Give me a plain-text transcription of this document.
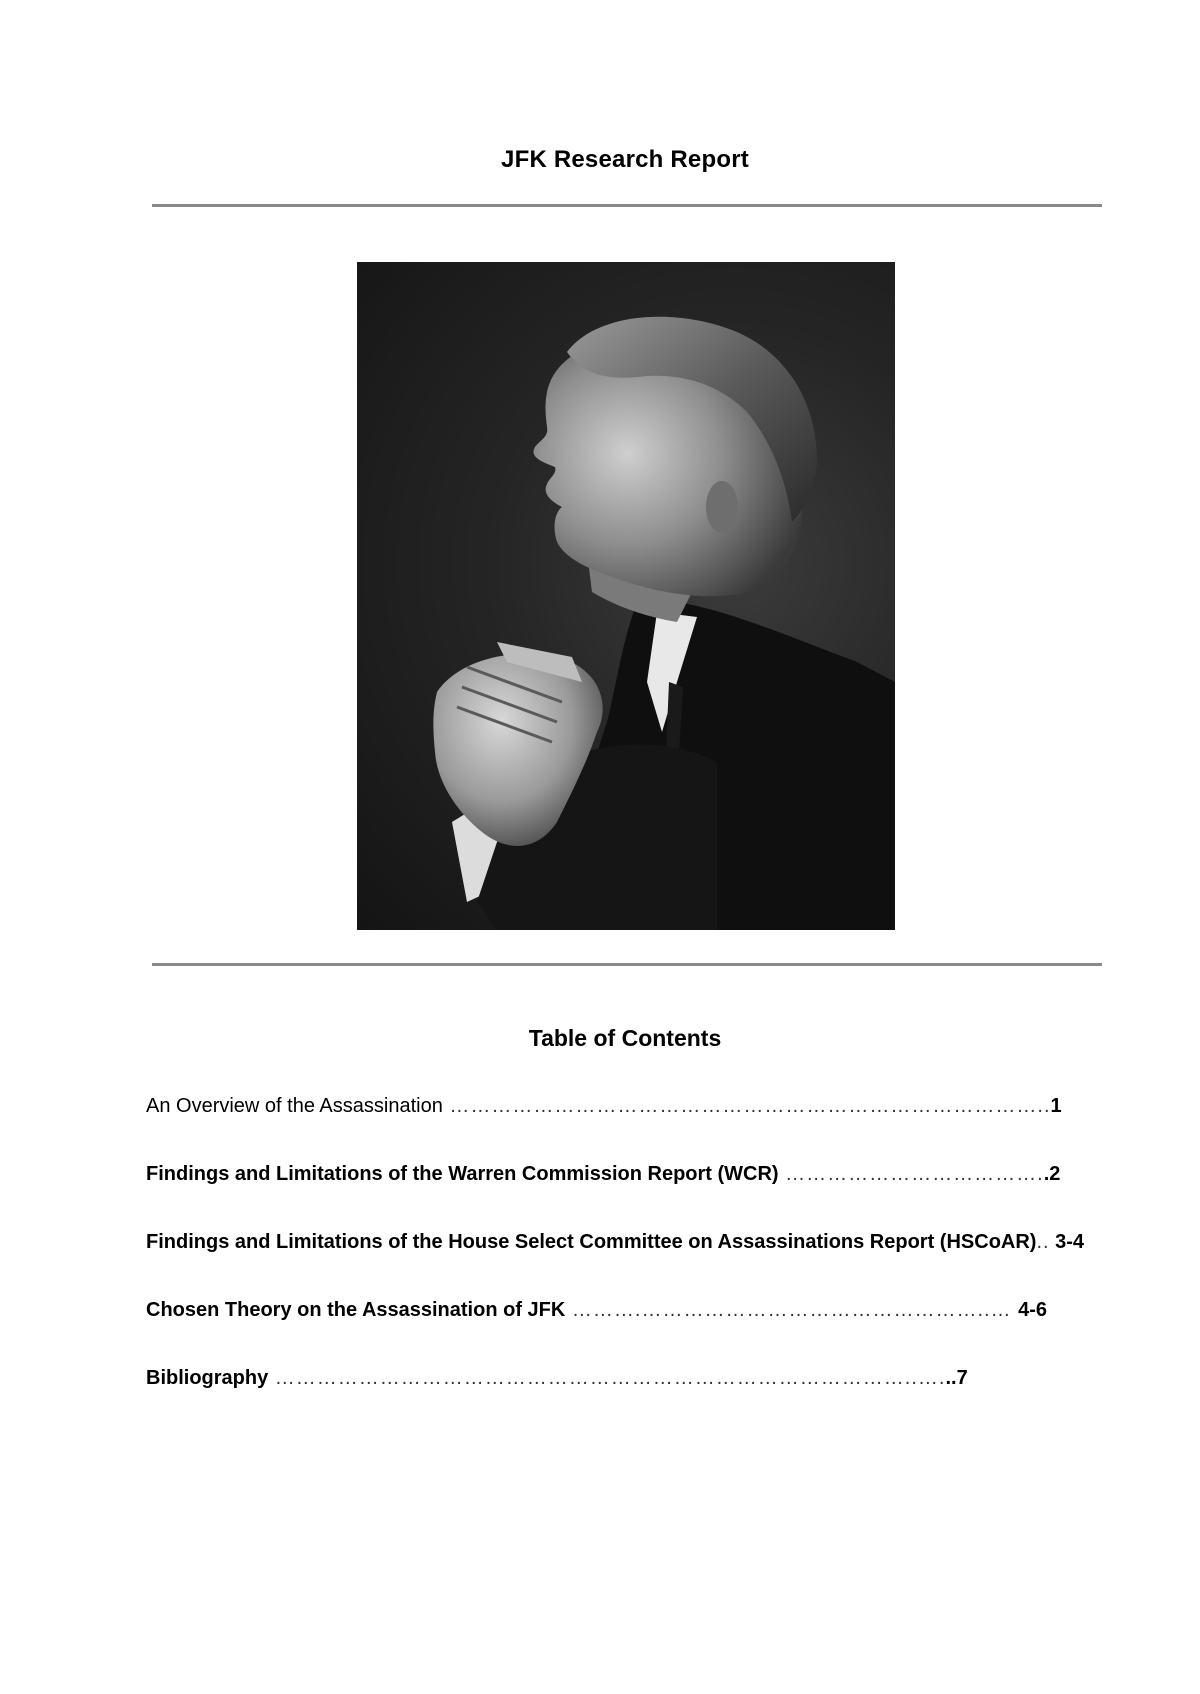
JFK Research Report
Table of Contents
An Overview of the Assassination …………………………………………………………………………..1
Findings and Limitations of the Warren Commission Report (WCR) ………………………………..2
Findings and Limitations of the House Select Committee on Assassinations Report (HSCoAR).. 3-4
Chosen Theory on the Assassination of JFK ……….…………………………………………..… 4-6
Bibliography ………………………………………………………………………………..…...7
